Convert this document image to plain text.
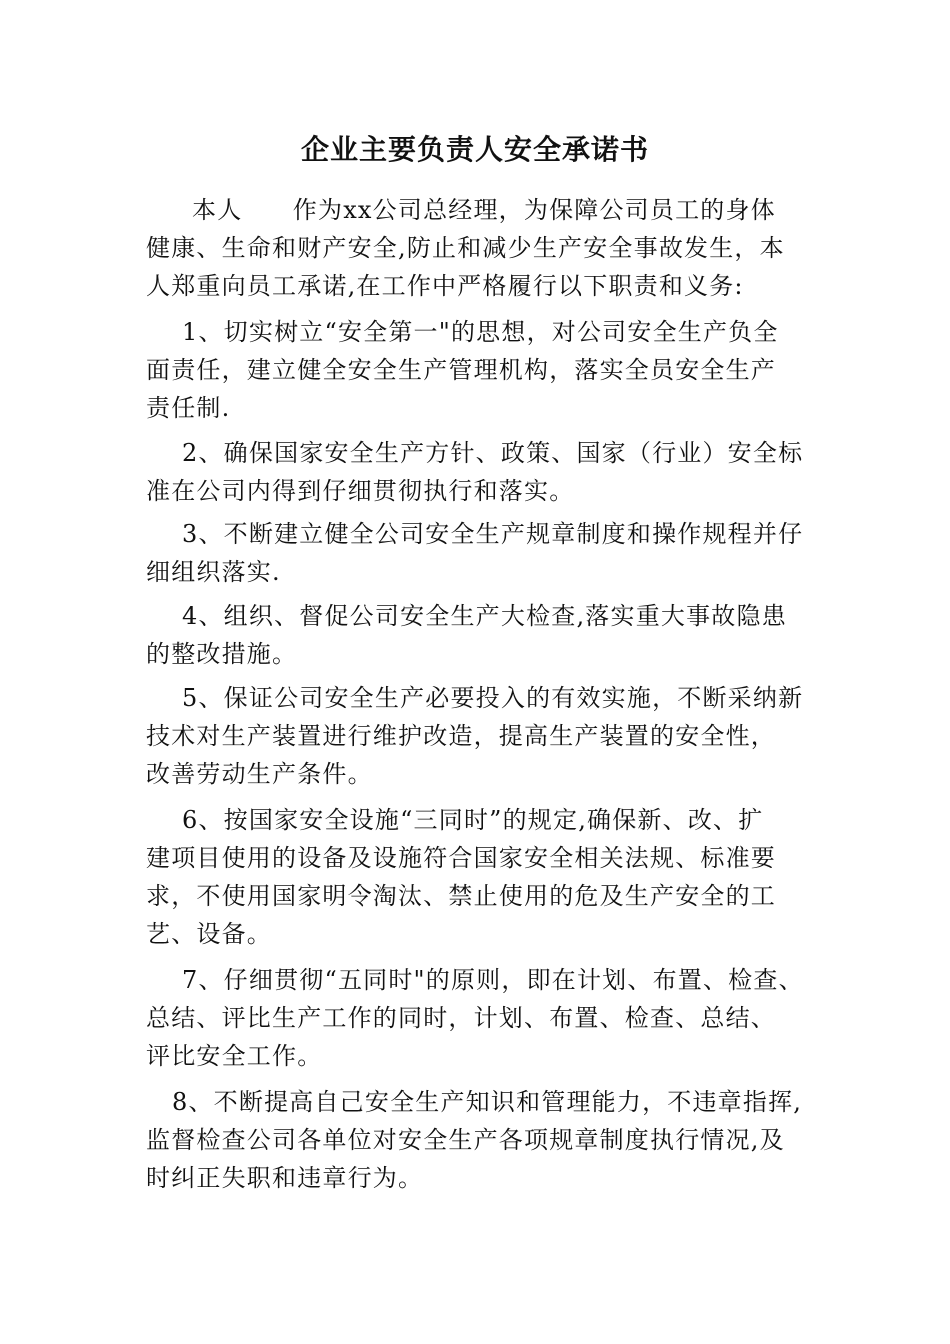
企业主要负责人安全承诺书
本人　　作为xx公司总经理，为保障公司员工的身体
健康、生命和财产安全,防止和减少生产安全事故发生，本
人郑重向员工承诺,在工作中严格履行以下职责和义务:
1、切实树立“安全第一"的思想，对公司安全生产负全
面责任，建立健全安全生产管理机构，落实全员安全生产
责任制.
2、确保国家安全生产方针、政策、国家（行业）安全标
准在公司内得到仔细贯彻执行和落实。
3、不断建立健全公司安全生产规章制度和操作规程并仔
细组织落实.
4、组织、督促公司安全生产大检查,落实重大事故隐患
的整改措施。
5、保证公司安全生产必要投入的有效实施，不断采纳新
技术对生产装置进行维护改造，提高生产装置的安全性，
改善劳动生产条件。
6、按国家安全设施“三同时”的规定,确保新、改、扩
建项目使用的设备及设施符合国家安全相关法规、标准要
求，不使用国家明令淘汰、禁止使用的危及生产安全的工
艺、设备。
7、仔细贯彻“五同时"的原则，即在计划、布置、检查、
总结、评比生产工作的同时，计划、布置、检查、总结、
评比安全工作。
8、不断提高自己安全生产知识和管理能力，不违章指挥,
监督检查公司各单位对安全生产各项规章制度执行情况,及
时纠正失职和违章行为。
